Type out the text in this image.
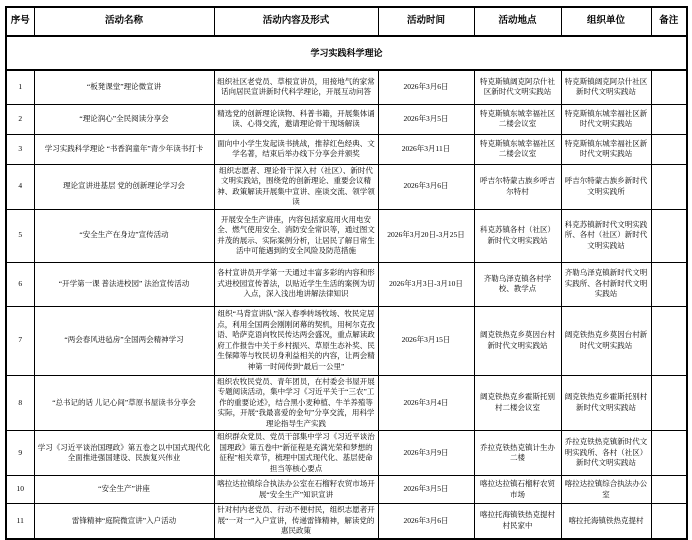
序号	活动名称	活动内容及形式	活动时间	活动地点	组织单位	备注
学习实践科学理论						
1	“板凳课堂”理论微宣讲	组织社区老党员、草根宣讲员，用接地气的家常话向居民宣讲新时代科学理论，开展互动问答	2026年3月6日	特克斯镇阔克阿尕什社区新时代文明实践站	特克斯镇阔克阿尕什社区新时代文明实践站	
2	“理论润心”全民阅读分享会	精选党的创新理论读物、科普书籍，开展集体诵读、心得交流，邀请理论骨干现场解读	2026年3月5日	特克斯镇东城幸福社区二楼会议室	特克斯镇东城幸福社区新时代文明实践站	
3	学习实践科学理论 “书香润童年”青少年读书打卡	面向中小学生发起读书挑战，推荐红色经典、文学名著，结束后举办线下分享会并颁奖	2026年3月11日	特克斯镇东城幸福社区二楼会议室	特克斯镇东城幸福社区新时代文明实践站	
4	理论宣讲进基层 党的创新理论学习会	组织志愿者、理论骨干深入村（社区）、新时代文明实践站，围绕党的创新理论、重要会议精神、政策解读开展集中宣讲、座谈交流、领学领读	2026年3月6日	呼吉尔特蒙古族乡呼吉尔特村	呼吉尔特蒙古族乡新时代文明实践所	
5	“安全生产在身边”宣传活动	开展安全生产讲座，内容包括家庭用火用电安全、燃气使用安全、消防安全常识等，通过图文并茂的展示、实际案例分析，让居民了解日常生活中可能遇到的安全风险及防范措施	2026年3月20日-3月25日	科克苏镇各村（社区）新时代文明实践站	科克苏镇新时代文明实践所、各村（社区）新时代文明实践站	
6	“开学第一课 普法进校园” 法治宣传活动	各村宣讲员开学第一天通过丰富多彩的内容和形式进校园宣传普法，以贴近学生生活的案例为切入点，深入浅出地讲解法律知识	2026年3月3日-3月10日	齐勒乌泽克镇各村学校、教学点	齐勒乌泽克镇新时代文明实践所、各村新时代文明实践站	
7	“两会春风进毡房”全国两会精神学习	组织“马背宣讲队”深入春季转场牧场、牧民定居点，利用全国两会刚刚闭幕的契机，用柯尔克孜语、哈萨克语向牧民传达两会盛况，重点解读政府工作报告中关于乡村振兴、草原生态补奖、民生保障等与牧民切身利益相关的内容，让两会精神第一时间传到“最后一公里”	2026年3月15日	阔克铁热克乡莫因台村新时代文明实践站	阔克铁热克乡莫因台村新时代文明实践站	
8	“总书记的话 儿记心间”草原书屋读书分享会	组织农牧民党员、青年团员，在村委会书屋开展专题阅读活动，集中学习《习近平关于“三农”工作的重要论述》，结合黑小麦种植、牛羊养殖等实际，开展“我最喜爱的金句”分享交流，用科学理论指导生产实践	2026年3月4日	阔克铁热克乡霍斯托别村二楼会议室	阔克铁热克乡霍斯托别村新时代文明实践站	
9	学习《习近平谈治国理政》第五卷之以中国式现代化全面推进强国建设、民族复兴伟业	组织群众党员、党员干部集中学习《习近平谈治国理政》第五卷中“新征程是充满光荣和梦想的征程”相关章节，梳理中国式现代化、基层使命担当等核心要点	2026年3月9日	乔拉克铁热克镇计生办二楼	乔拉克铁热克镇新时代文明实践所、各村（社区）新时代文明实践站	
10	“安全生产”讲座	喀拉达拉镇综合执法办公室在石榴籽农贸市场开展“安全生产”知识宣讲	2026年3月5日	喀拉达拉镇石榴籽农贸市场	喀拉达拉镇综合执法办公室	
11	雷锋精神“庭院微宣讲”入户活动	针对村内老党员、行动不便村民，组织志愿者开展“一对一”入户宣讲，传递雷锋精神，解读党的惠民政策	2026年3月6日	喀拉托海镇铁热克提村村民家中	喀拉托海镇铁热克提村	
